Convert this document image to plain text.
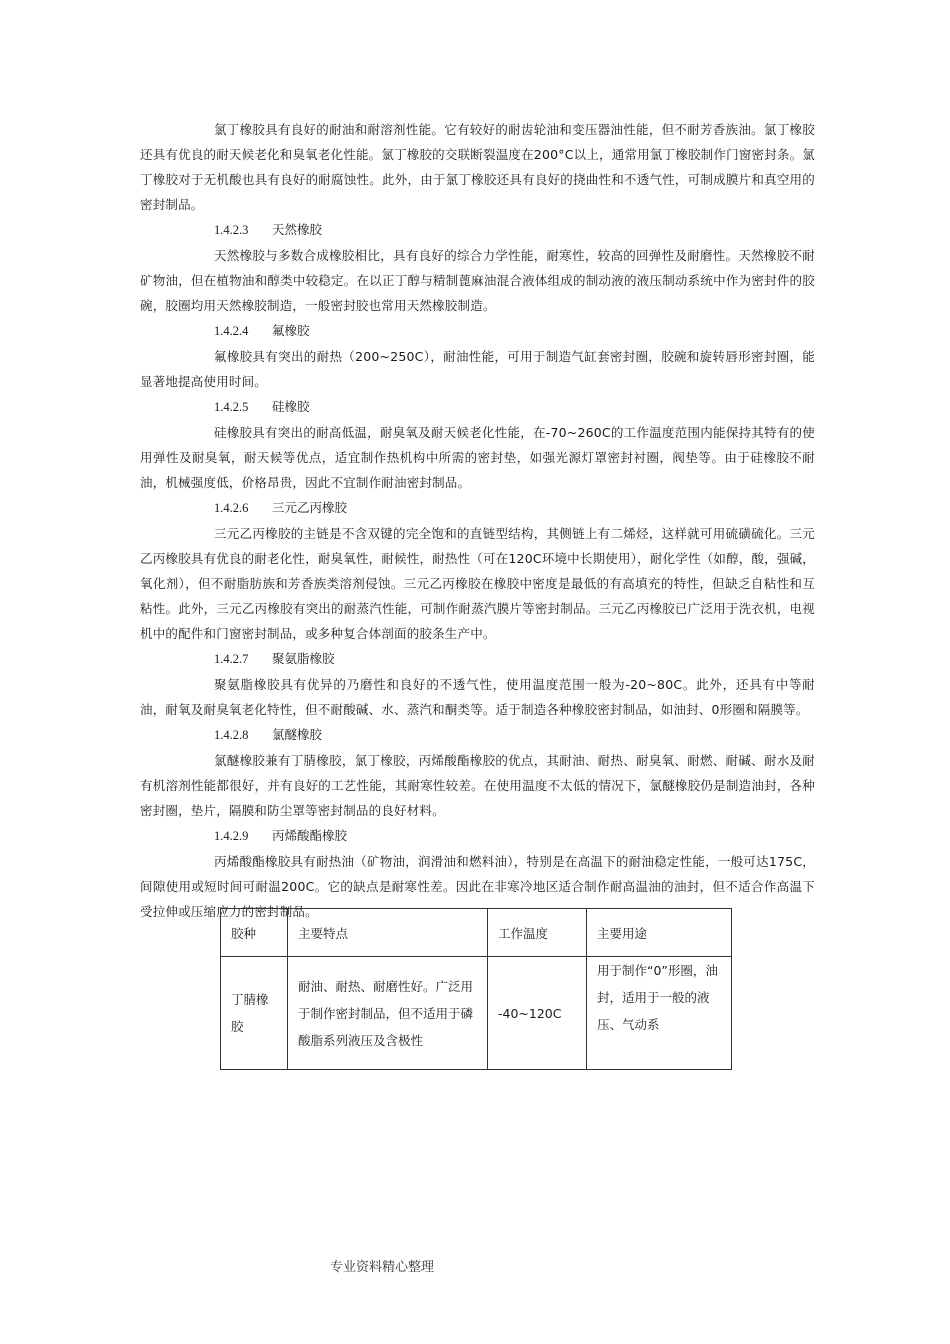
氯丁橡胶具有良好的耐油和耐溶剂性能。它有较好的耐齿轮油和变压器油性能，但不耐芳香族油。氯丁橡胶还具有优良的耐天候老化和臭氧老化性能。氯丁橡胶的交联断裂温度在200°C以上，通常用氯丁橡胶制作门窗密封条。氯丁橡胶对于无机酸也具有良好的耐腐蚀性。此外，由于氯丁橡胶还具有良好的挠曲性和不透气性，可制成膜片和真空用的密封制品。

1.4.2.3 天然橡胶

天然橡胶与多数合成橡胶相比，具有良好的综合力学性能，耐寒性，较高的回弹性及耐磨性。天然橡胶不耐矿物油，但在植物油和醇类中较稳定。在以正丁醇与精制蓖麻油混合液体组成的制动液的液压制动系统中作为密封件的胶碗，胶圈均用天然橡胶制造，一般密封胶也常用天然橡胶制造。

1.4.2.4 氟橡胶

氟橡胶具有突出的耐热（200~250C），耐油性能，可用于制造气缸套密封圈，胶碗和旋转唇形密封圈，能显著地提高使用时间。

1.4.2.5 硅橡胶

硅橡胶具有突出的耐高低温，耐臭氧及耐天候老化性能，在-70~260C的工作温度范围内能保持其特有的使用弹性及耐臭氧，耐天候等优点，适宜制作热机构中所需的密封垫，如强光源灯罩密封衬圈，阀垫等。由于硅橡胶不耐油，机械强度低，价格昂贵，因此不宜制作耐油密封制品。

1.4.2.6 三元乙丙橡胶

三元乙丙橡胶的主链是不含双键的完全饱和的直链型结构，其侧链上有二烯烃，这样就可用硫磺硫化。三元乙丙橡胶具有优良的耐老化性，耐臭氧性，耐候性，耐热性（可在120C环境中长期使用），耐化学性（如醇，酸，强碱，氧化剂），但不耐脂肪族和芳香族类溶剂侵蚀。三元乙丙橡胶在橡胶中密度是最低的有高填充的特性，但缺乏自粘性和互粘性。此外，三元乙丙橡胶有突出的耐蒸汽性能，可制作耐蒸汽膜片等密封制品。三元乙丙橡胶已广泛用于洗衣机，电视机中的配件和门窗密封制品，或多种复合体剖面的胶条生产中。

1.4.2.7 聚氨脂橡胶

聚氨脂橡胶具有优异的乃磨性和良好的不透气性，使用温度范围一般为-20~80C。此外，还具有中等耐油，耐氧及耐臭氧老化特性，但不耐酸碱、水、蒸汽和酮类等。适于制造各种橡胶密封制品，如油封、0形圈和隔膜等。

1.4.2.8 氯醚橡胶

氯醚橡胶兼有丁腈橡胶，氯丁橡胶，丙烯酸酯橡胶的优点，其耐油、耐热、耐臭氧、耐燃、耐碱、耐水及耐有机溶剂性能都很好，并有良好的工艺性能，其耐寒性较差。在使用温度不太低的情况下，氯醚橡胶仍是制造油封，各种密封圈，垫片，隔膜和防尘罩等密封制品的良好材料。

1.4.2.9 丙烯酸酯橡胶

丙烯酸酯橡胶具有耐热油（矿物油，润滑油和燃料油），特别是在高温下的耐油稳定性能，一般可达175C，间隙使用或短时间可耐温200C。它的缺点是耐寒性差。因此在非寒冷地区适合制作耐高温油的油封，但不适合作高温下受拉伸或压缩应力的密封制品。

胶种	主要特点	工作温度	主要用途
丁腈橡胶	耐油、耐热、耐磨性好。广泛用于制作密封制品，但不适用于磷酸脂系列液压及含极性	-40~120C	用于制作“0”形圈，油封，适用于一般的液压、气动系
专业资料精心整理
